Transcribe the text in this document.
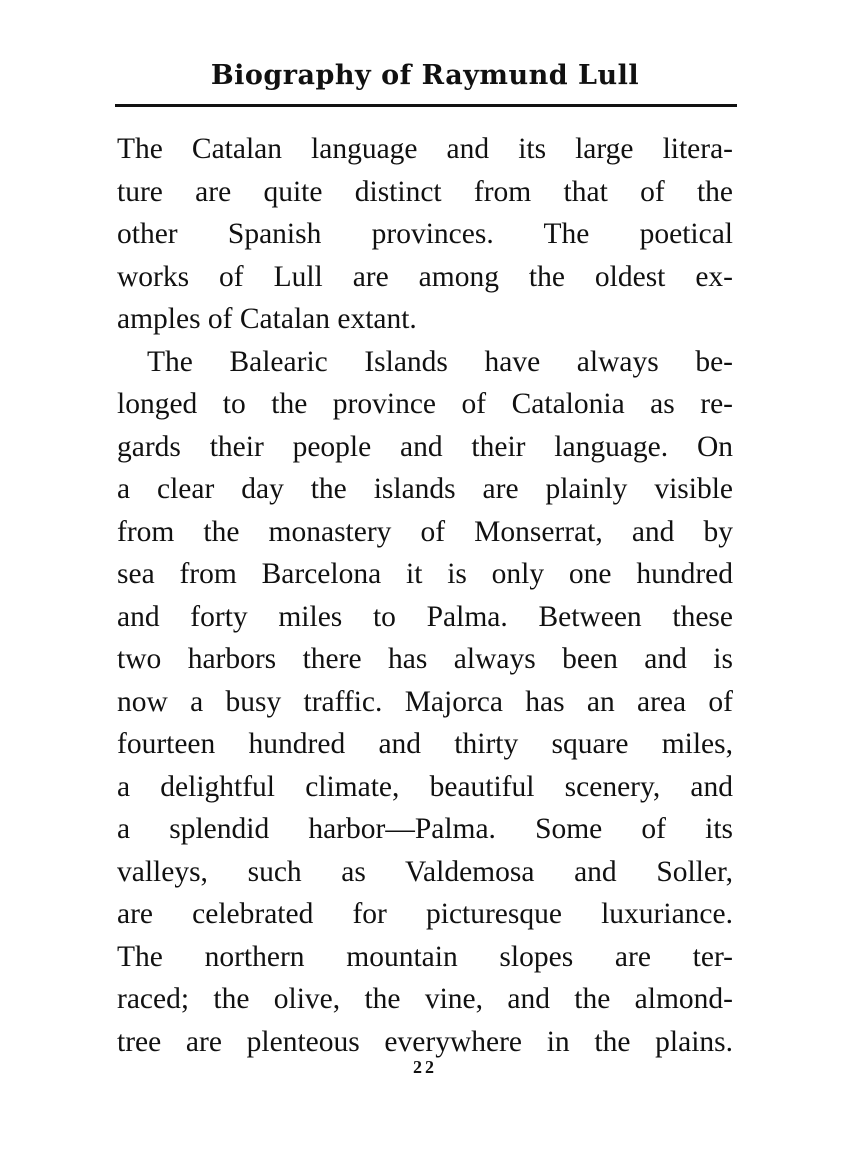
Biography of Raymund Lull
The Catalan language and its large litera-
ture are quite distinct from that of the
other Spanish provinces. The poetical
works of Lull are among the oldest ex-
amples of Catalan extant.
The Balearic Islands have always be-
longed to the province of Catalonia as re-
gards their people and their language. On
a clear day the islands are plainly visible
from the monastery of Monserrat, and by
sea from Barcelona it is only one hundred
and forty miles to Palma. Between these
two harbors there has always been and is
now a busy traffic. Majorca has an area of
fourteen hundred and thirty square miles,
a delightful climate, beautiful scenery, and
a splendid harbor—Palma. Some of its
valleys, such as Valdemosa and Soller,
are celebrated for picturesque luxuriance.
The northern mountain slopes are ter-
raced; the olive, the vine, and the almond-
tree are plenteous everywhere in the plains.
22
